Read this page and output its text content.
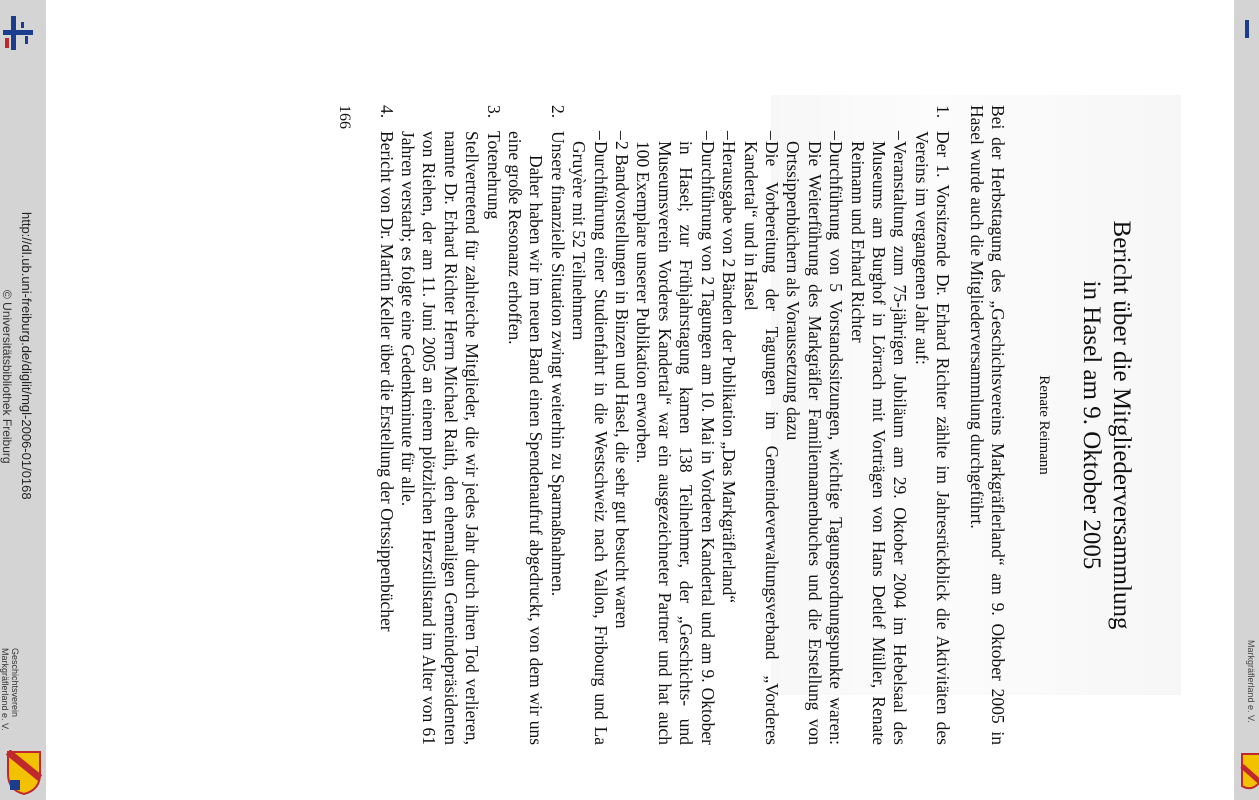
Bericht über die Mitgliederversammlung
in Hasel am 9. Oktober 2005

Renate Reimann

Bei der Herbsttagung des „Geschichtsvereins Markgräflerland“ am 9. Oktober 2005 in Hasel wurde auch die Mitgliederversammlung durchgeführt.

1.
Der 1. Vorsitzende Dr. Erhard Richter zählte im Jahresrückblick die Aktivitäten des Vereins im vergangenen Jahr auf:
–
Veranstaltung zum 75-jährigen Jubiläum am 29. Oktober 2004 im Hebelsaal des Museums am Burghof in Lörrach mit Vorträgen von Hans Detlef Müller, Renate Reimann und Erhard Richter
–
Durchführung von 5 Vorstandssitzungen, wichtige Tagungsordnungspunkte waren: Die Weiterführung des Markgräfler Familiennamenbuches und die Erstellung von Ortssippenbüchern als Voraussetzung dazu
–
Die Vorbereitung der Tagungen im Gemeindeverwaltungsverband „Vorderes Kandertal“ und in Hasel
–
Herausgabe von 2 Bänden der Publikation „Das Markgräflerland“
–
Durchführung von 2 Tagungen am 10. Mai in Vorderen Kandertal und am 9. Oktober in Hasel; zur Frühjahrstagung kamen 138 Teilnehmer, der „Geschichts- und Museumsverein Vorderes Kandertal“ war ein ausgezeichneter Partner und hat auch 100 Exemplare unserer Publikation erworben.
–
2 Bandvorstellungen in Binzen und Hasel, die sehr gut besucht waren
–
Durchführung einer Studienfahrt in die Westschweiz nach Vallon, Fribourg und La Gruyère mit 52 Teilnehmern
2.
Unsere finanzielle Situation zwingt weiterhin zu Sparmaßnahmen.
Daher haben wir im neuen Band einen Spendenaufruf abgedruckt, von dem wir uns eine große Resonanz erhoffen.
3.
Totenehrung
Stellvertretend für zahlreiche Mitglieder, die wir jedes Jahr durch ihren Tod verlieren, nannte Dr. Erhard Richter Herrn Michael Raith, den ehemaligen Gemeindepräsidenten von Riehen, der am 11. Juni 2005 an einem plötzlichen Herzstillstand im Alter von 61 Jahren verstarb; es folgte eine Gedenkminute für alle.
4.
Bericht von Dr. Martin Keller über die Erstellung der Ortssippenbücher

166

http://dl.ub.uni-freiburg.de/diglit/mgl-2006-01/0168
© Universitätsbibliothek Freiburg
Geschichtsverein
Markgräflerland e. V.	Markgräflerland e. V.
